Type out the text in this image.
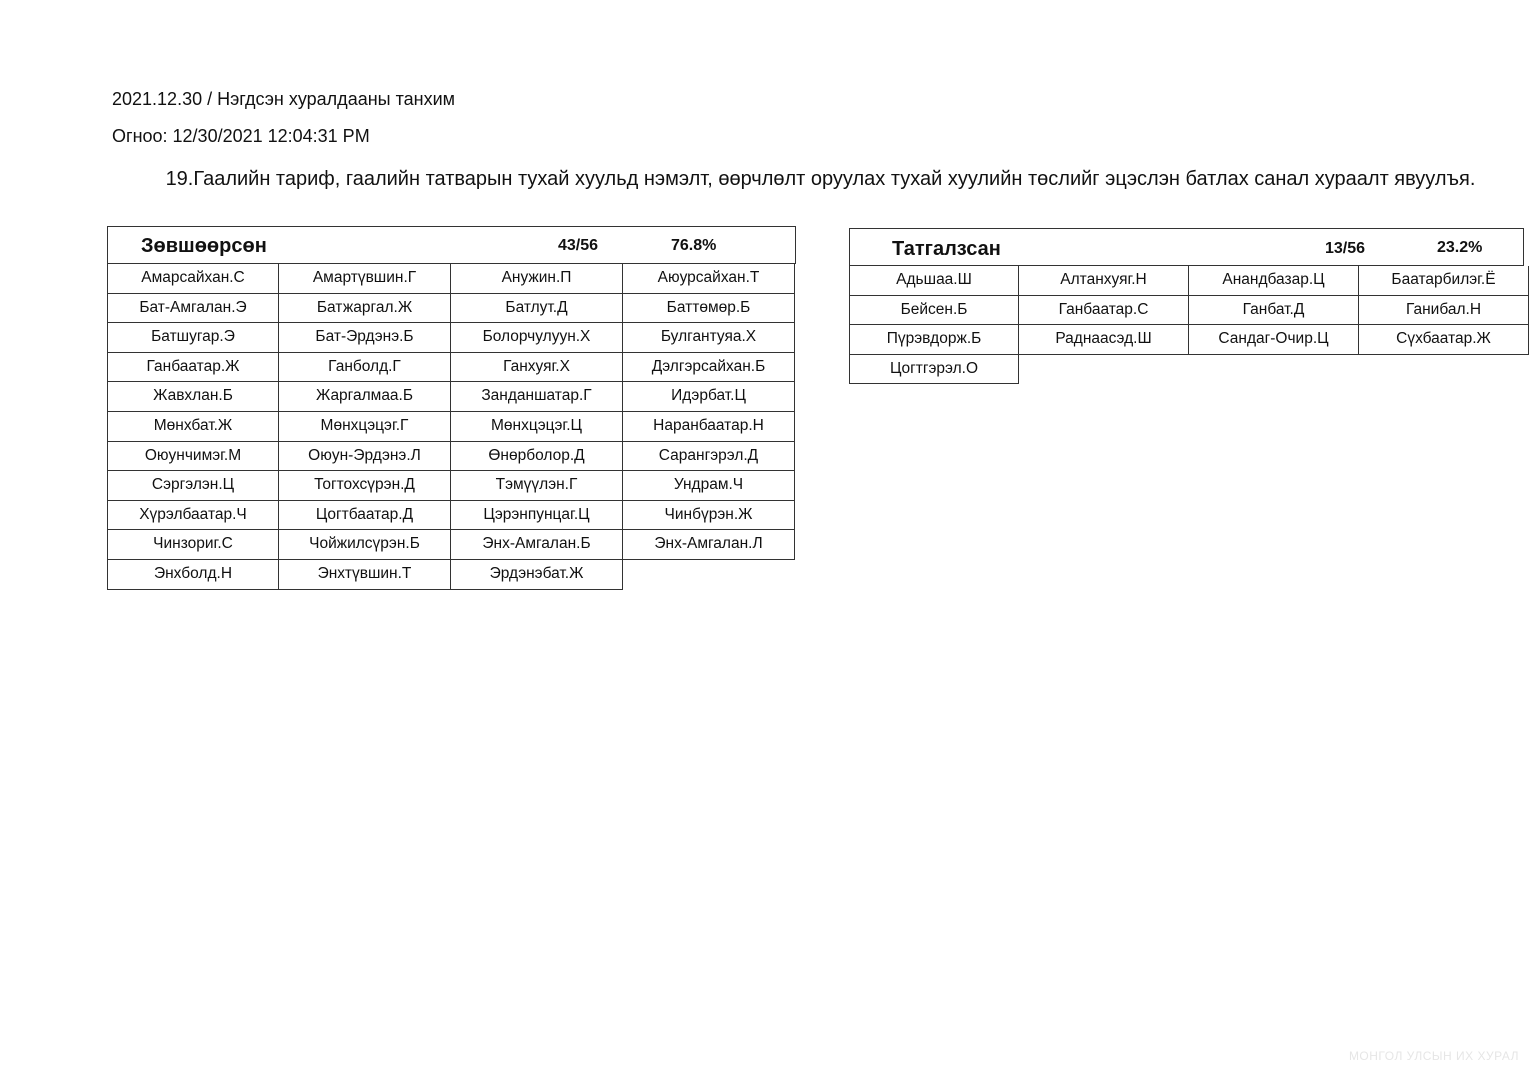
2021.12.30 / Нэгдсэн хуралдааны танхим
Огноо: 12/30/2021 12:04:31 PM
19.Гаалийн тариф, гаалийн татварын тухай хуульд нэмэлт, өөрчлөлт оруулах тухай хуулийн төслийг эцэслэн батлах санал хураалт явуулъя.
Зөвшөөрсөн	43/56	76.8%
Амарсайхан.С	Амартүвшин.Г	Анужин.П	Аюурсайхан.Т
Бат-Амгалан.Э	Батжаргал.Ж	Батлут.Д	Баттөмөр.Б
Батшугар.Э	Бат-Эрдэнэ.Б	Болорчулуун.Х	Булгантуяа.Х
Ганбаатар.Ж	Ганболд.Г	Ганхуяг.Х	Дэлгэрсайхан.Б
Жавхлан.Б	Жаргалмаа.Б	Занданшатар.Г	Идэрбат.Ц
Мөнхбат.Ж	Мөнхцэцэг.Г	Мөнхцэцэг.Ц	Наранбаатар.Н
Оюунчимэг.М	Оюун-Эрдэнэ.Л	Өнөрболор.Д	Сарангэрэл.Д
Сэргэлэн.Ц	Тогтохсүрэн.Д	Тэмүүлэн.Г	Ундрам.Ч
Хүрэлбаатар.Ч	Цогтбаатар.Д	Цэрэнпунцаг.Ц	Чинбүрэн.Ж
Чинзориг.С	Чойжилсүрэн.Б	Энх-Амгалан.Б	Энх-Амгалан.Л
Энхболд.Н	Энхтүвшин.Т	Эрдэнэбат.Ж
Татгалзсан	13/56	23.2%
Адьшаа.Ш	Алтанхуяг.Н	Анандбазар.Ц	Баатарбилэг.Ё
Бейсен.Б	Ганбаатар.С	Ганбат.Д	Ганибал.Н
Пүрэвдорж.Б	Раднаасэд.Ш	Сандаг-Очир.Ц	Сүхбаатар.Ж
Цогтгэрэл.О
МОНГОЛ УЛСЫН ИХ ХУРАЛ
